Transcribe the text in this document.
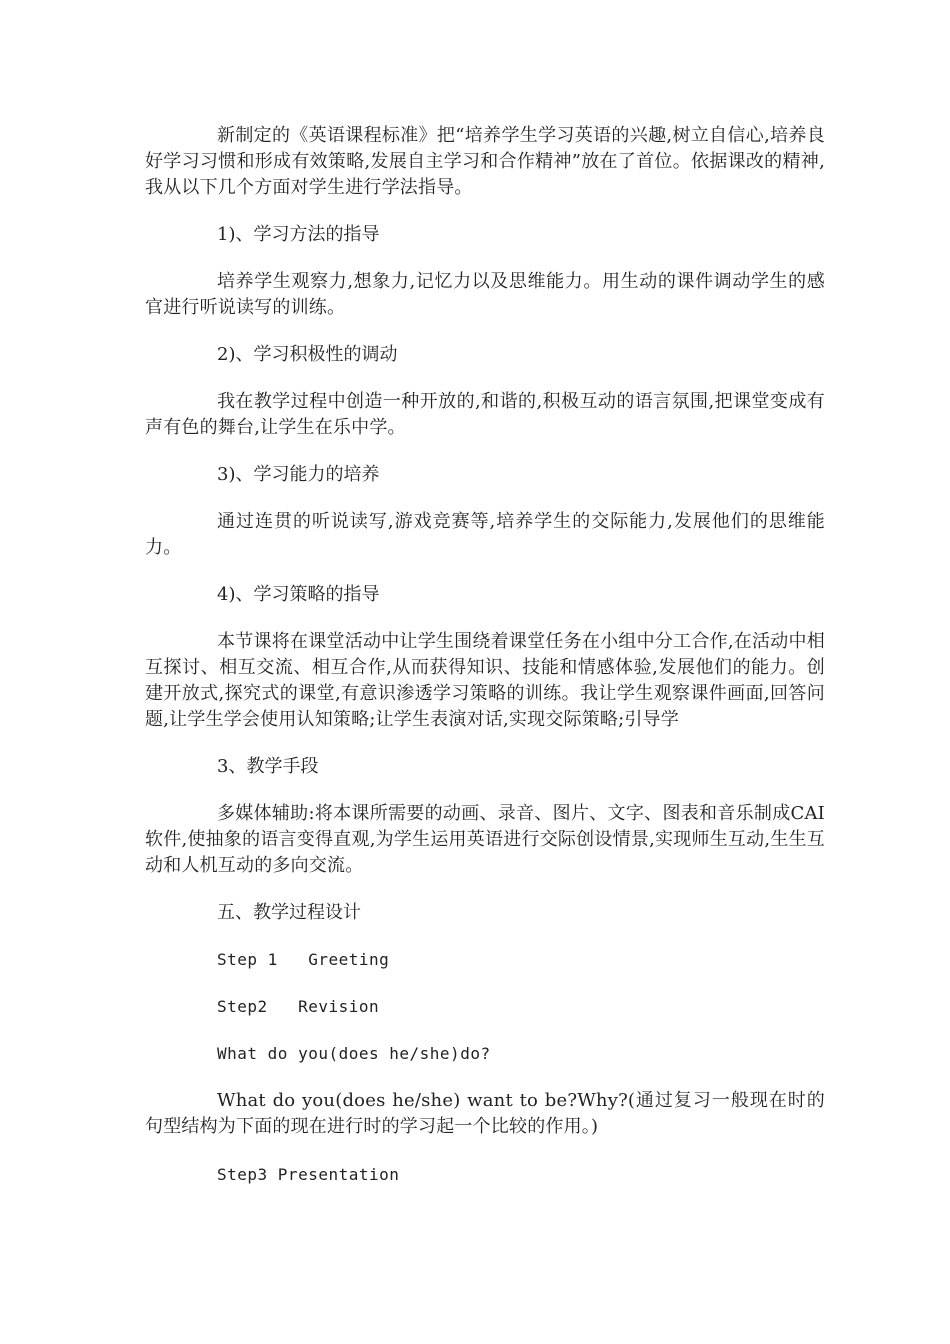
新制定的《英语课程标准》把“培养学生学习英语的兴趣,树立自信心,培养良好学习习惯和形成有效策略,发展自主学习和合作精神”放在了首位。依据课改的精神,我从以下几个方面对学生进行学法指导。

1)、学习方法的指导

培养学生观察力,想象力,记忆力以及思维能力。用生动的课件调动学生的感官进行听说读写的训练。

2)、学习积极性的调动

我在教学过程中创造一种开放的,和谐的,积极互动的语言氛围,把课堂变成有声有色的舞台,让学生在乐中学。

3)、学习能力的培养

通过连贯的听说读写,游戏竞赛等,培养学生的交际能力,发展他们的思维能力。

4)、学习策略的指导

本节课将在课堂活动中让学生围绕着课堂任务在小组中分工合作,在活动中相互探讨、相互交流、相互合作,从而获得知识、技能和情感体验,发展他们的能力。创建开放式,探究式的课堂,有意识渗透学习策略的训练。我让学生观察课件画面,回答问题,让学生学会使用认知策略;让学生表演对话,实现交际策略;引导学

3、教学手段

多媒体辅助:将本课所需要的动画、录音、图片、文字、图表和音乐制成CAI软件,使抽象的语言变得直观,为学生运用英语进行交际创设情景,实现师生互动,生生互动和人机互动的多向交流。

五、教学过程设计

Step 1   Greeting

Step2   Revision

What do you(does he/she)do?

What do you(does he/she) want to be?Why?(通过复习一般现在时的句型结构为下面的现在进行时的学习起一个比较的作用。)

Step3 Presentation
